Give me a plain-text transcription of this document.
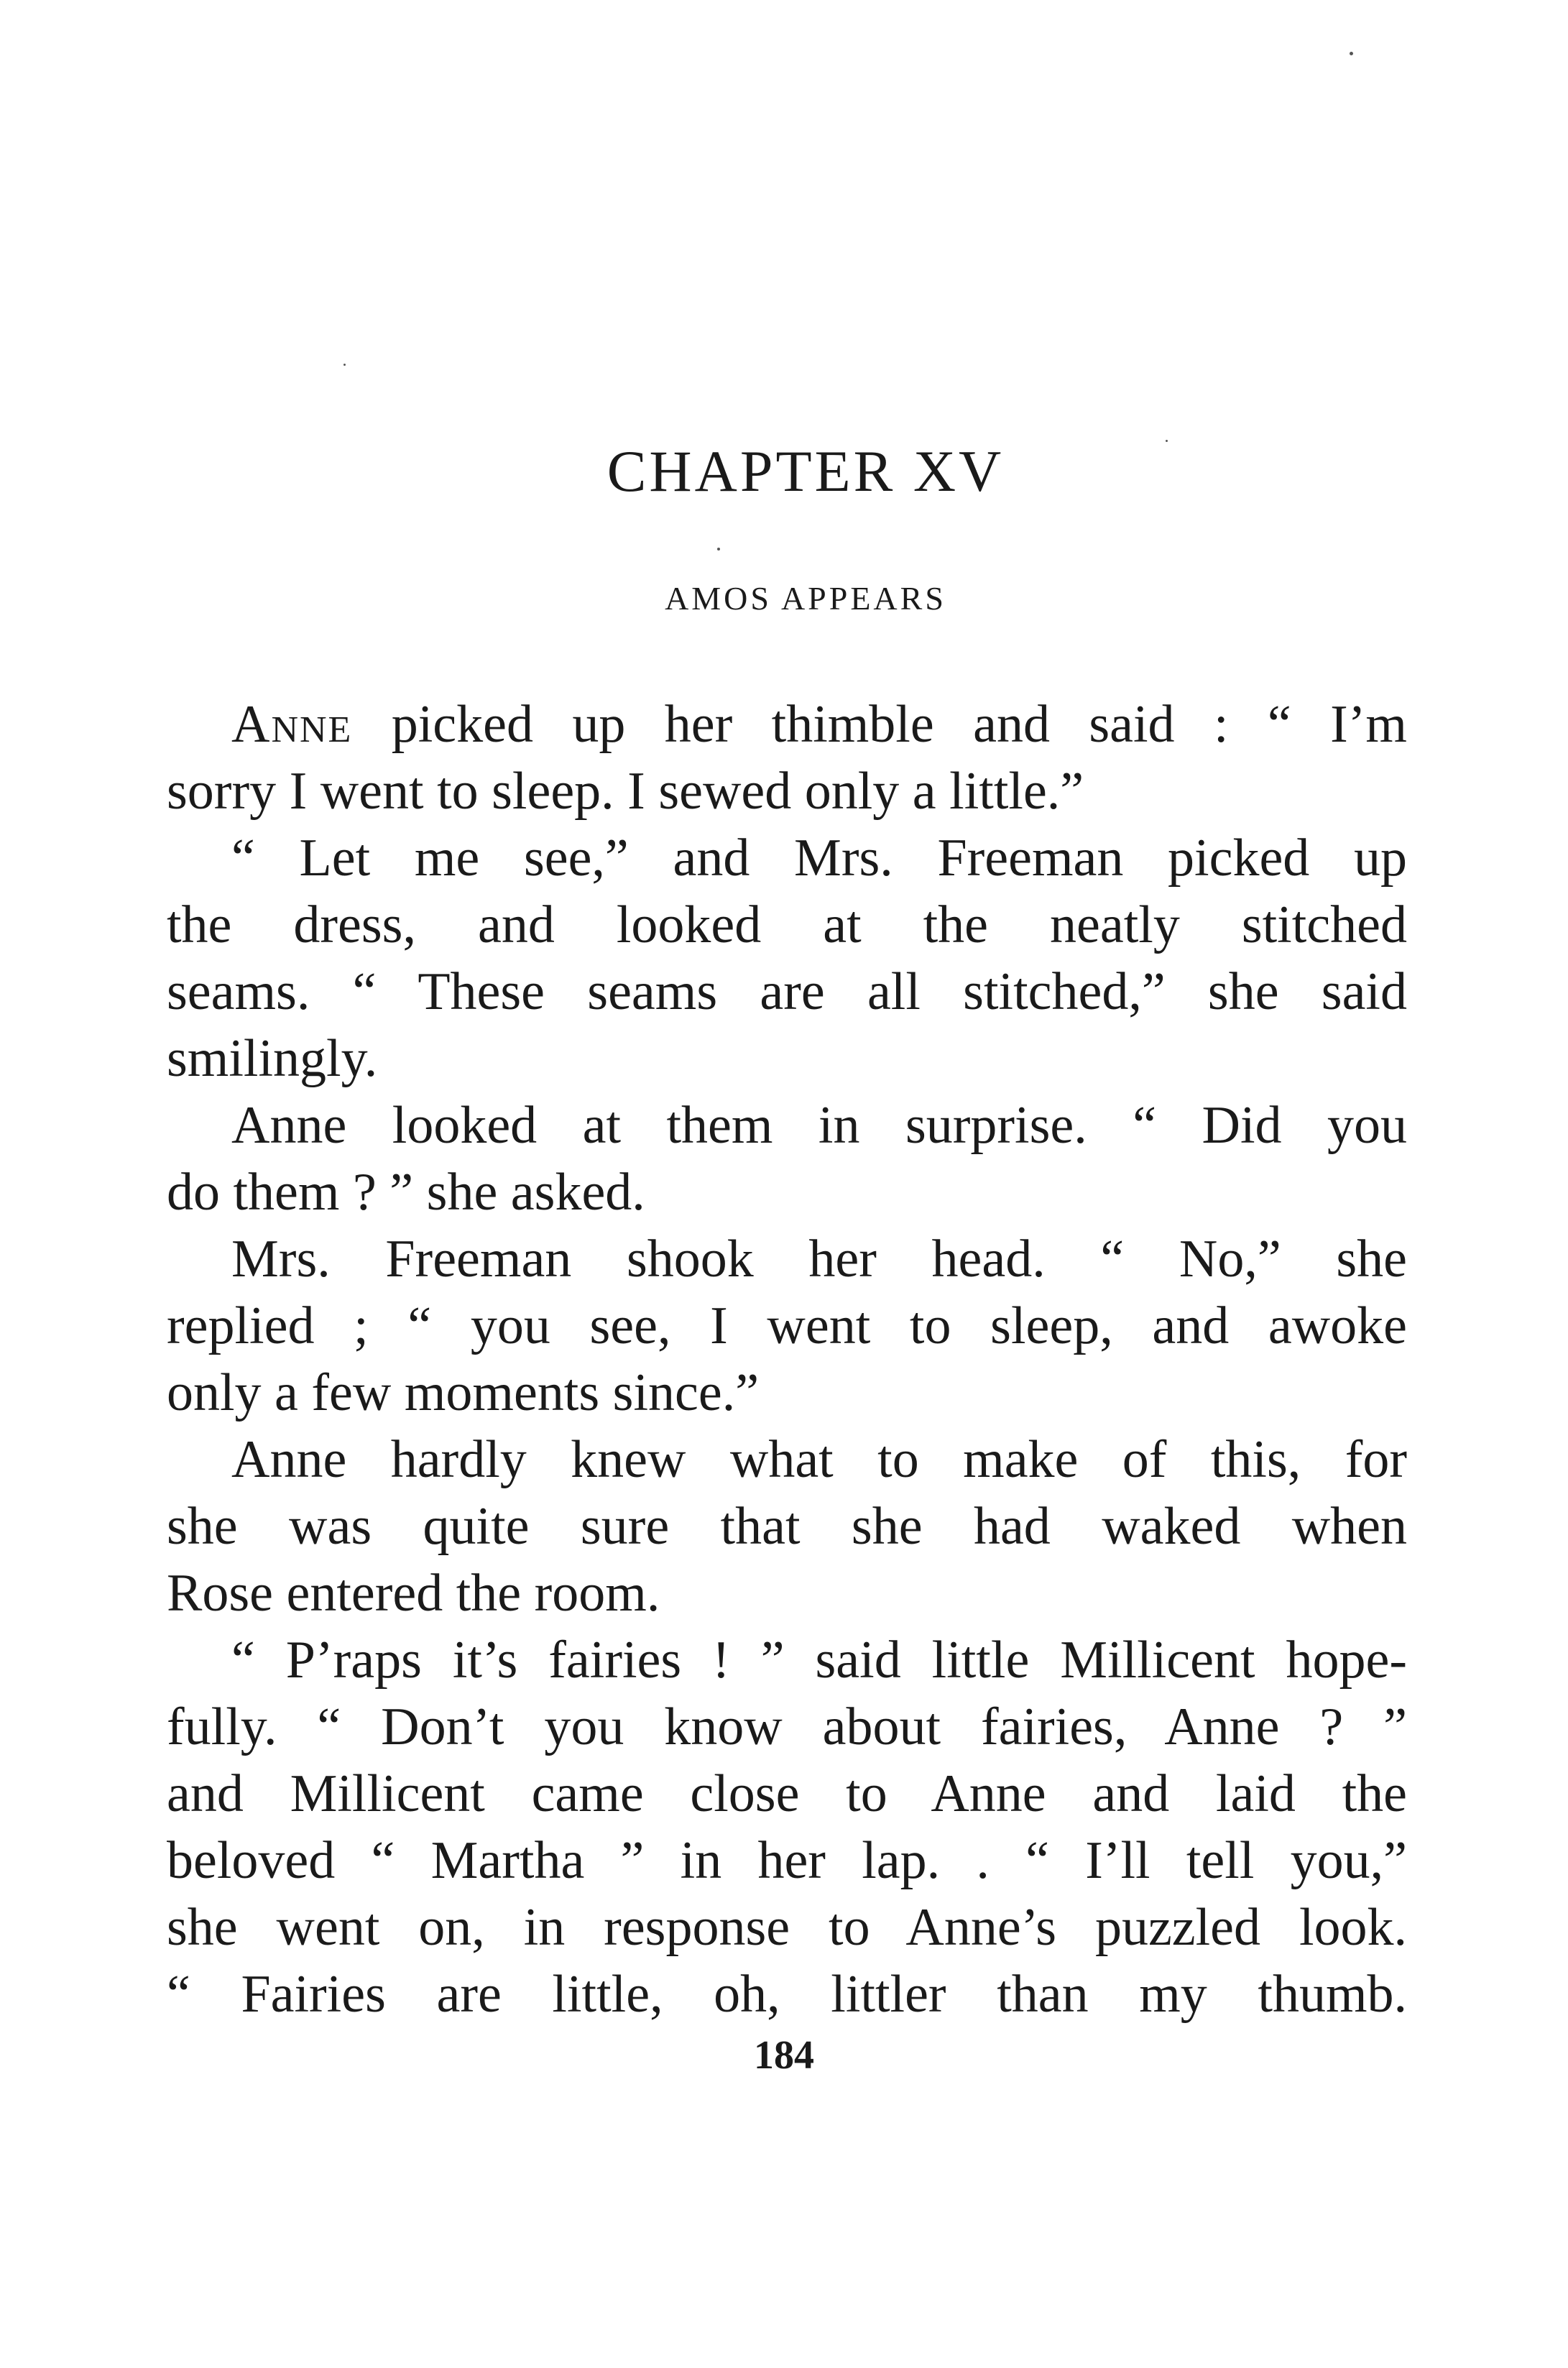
CHAPTER XV
AMOS APPEARS
Anne picked up her thimble and said : “ I’m
sorry I went to sleep. I sewed only a little.”
“ Let me see,” and Mrs. Freeman picked up
the dress, and looked at the neatly stitched
seams. “ These seams are all stitched,” she said
smilingly.
Anne looked at them in surprise. “ Did you
do them ? ” she asked.
Mrs. Freeman shook her head. “ No,” she
replied ; “ you see, I went to sleep, and awoke
only a few moments since.”
Anne hardly knew what to make of this, for
she was quite sure that she had waked when
Rose entered the room.
“ P’raps it’s fairies ! ” said little Millicent hope-
fully. “ Don’t you know about fairies, Anne ? ”
and Millicent came close to Anne and laid the
beloved “ Martha ” in her lap. . “ I’ll tell you,”
she went on, in response to Anne’s puzzled look.
“ Fairies are little, oh, littler than my thumb.
184
